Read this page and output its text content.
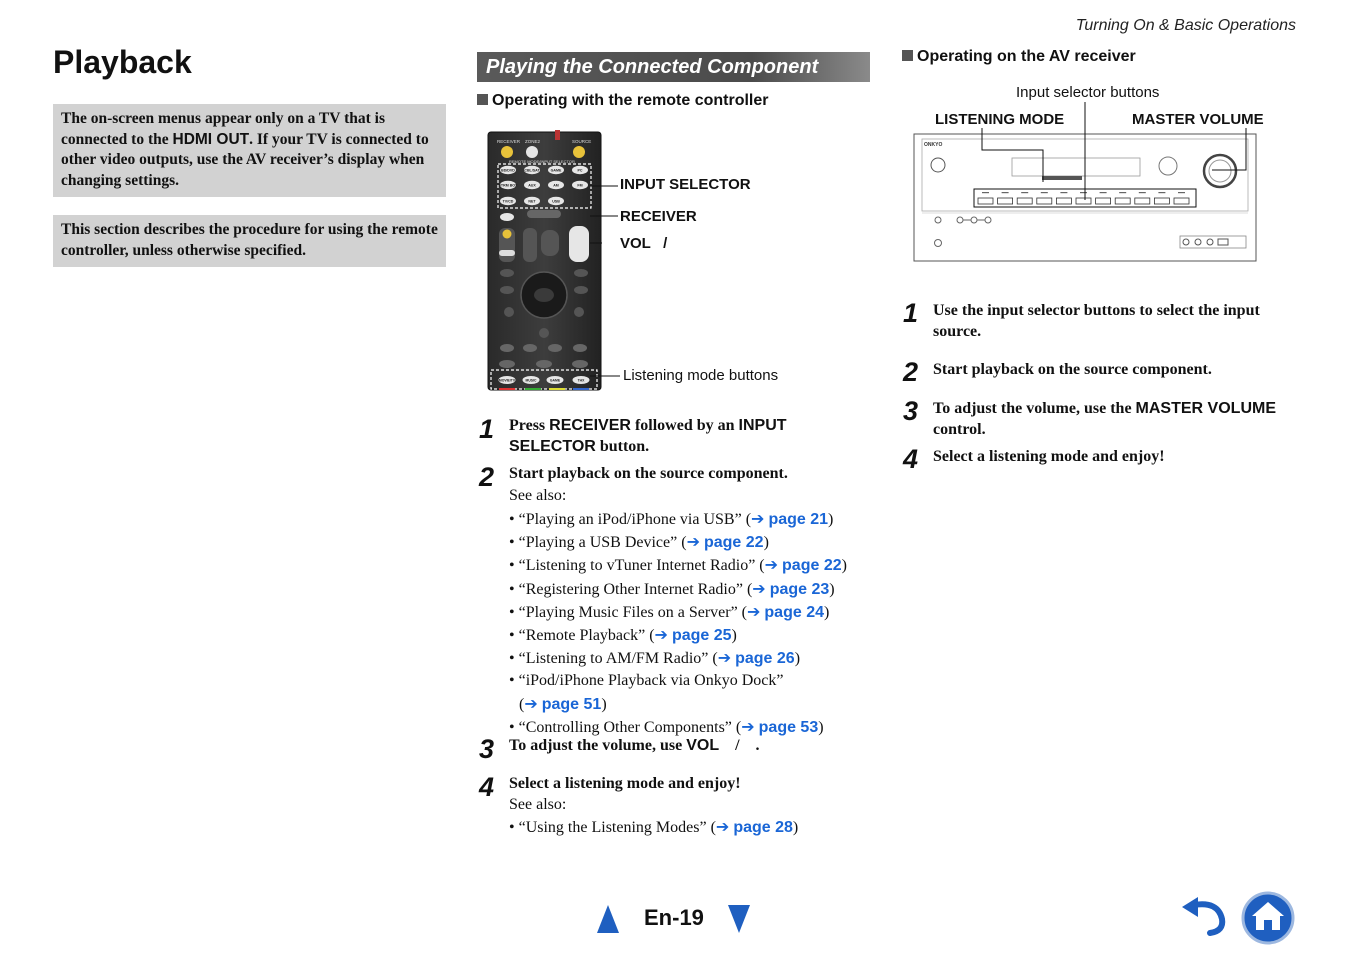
Turning On & Basic Operations
Playback
The on-screen menus appear only on a TV that is connected to the HDMI OUT. If your TV is connected to other video outputs, use the AV receiver’s display when changing settings.
This section describes the procedure for using the remote controller, unless otherwise specified.
Playing the Connected Component
Operating with the remote controller
RECEIVER ZONE2	SOURCE
REMOTE MODE/INPUT SELECTOR
BD/DVD	CBL/SAT	GAME	PC
STRM BOX	AUX	AM	FM
TV/CD	NET	USB
MOVIE/TV	MUSIC	GAME	THX
INPUT SELECTOR
RECEIVER
VOL   /
Listening mode buttons
1 Press RECEIVER followed by an INPUT SELECTOR button.
2 Start playback on the source component.
See also:
• “Playing an iPod/iPhone via USB” (➔ page 21)
• “Playing a USB Device” (➔ page 22)
• “Listening to vTuner Internet Radio” (➔ page 22)
• “Registering Other Internet Radio” (➔ page 23)
• “Playing Music Files on a Server” (➔ page 24)
• “Remote Playback” (➔ page 25)
• “Listening to AM/FM Radio” (➔ page 26)
• “iPod/iPhone Playback via Onkyo Dock”
(➔ page 51)
• “Controlling Other Components” (➔ page 53)
3 To adjust the volume, use VOL    /    .
4 Select a listening mode and enjoy!
See also:
• “Using the Listening Modes” (➔ page 28)
Operating on the AV receiver
Input selector buttons
LISTENING MODE	MASTER VOLUME
ONKYO
1 Use the input selector buttons to select the input source.
2 Start playback on the source component.
3 To adjust the volume, use the MASTER VOLUME control.
4 Select a listening mode and enjoy!
En-19
